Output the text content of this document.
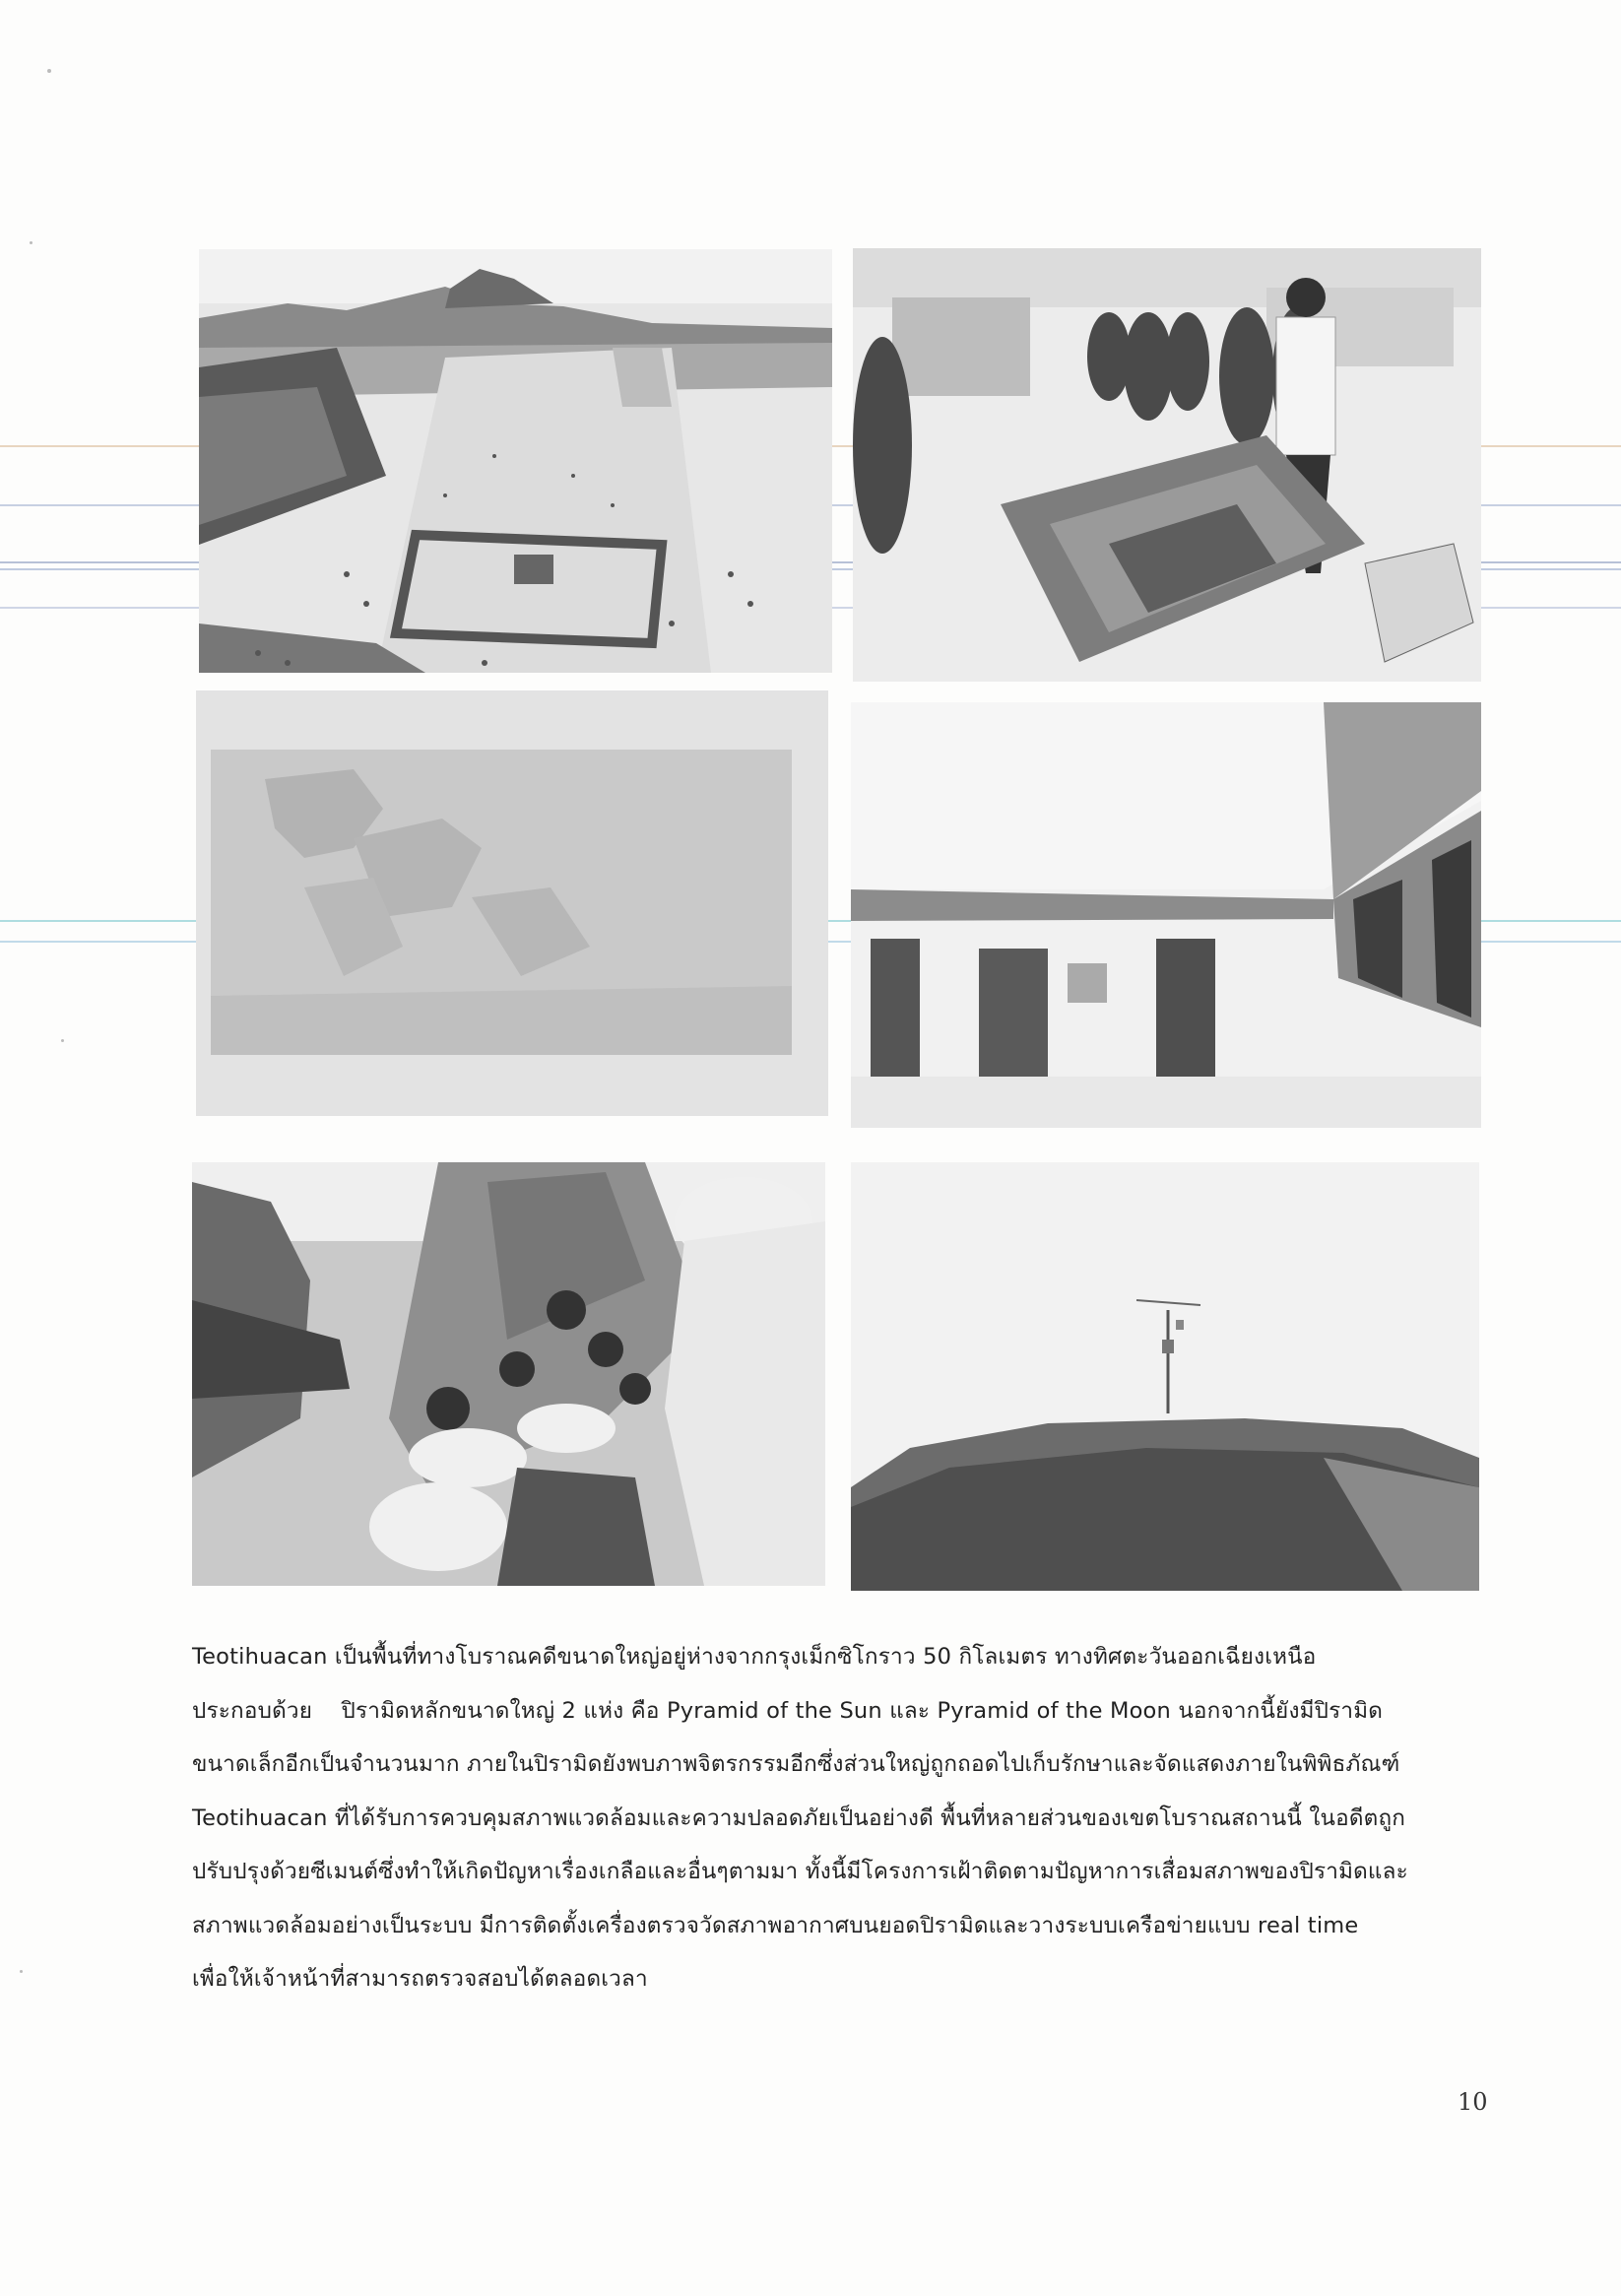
Teotihuacan เป็นพื้นที่ทางโบราณคดีขนาดใหญ่อยู่ห่างจากกรุงเม็กซิโกราว 50 กิโลเมตร ทางทิศตะวันออกเฉียงเหนือ
ประกอบด้วย    ปิรามิดหลักขนาดใหญ่ 2 แห่ง คือ Pyramid of the Sun และ Pyramid of the Moon นอกจากนี้ยังมีปิรามิด
ขนาดเล็กอีกเป็นจำนวนมาก ภายในปิรามิดยังพบภาพจิตรกรรมอีกซึ่งส่วนใหญ่ถูกถอดไปเก็บรักษาและจัดแสดงภายในพิพิธภัณฑ์
Teotihuacan ที่ได้รับการควบคุมสภาพแวดล้อมและความปลอดภัยเป็นอย่างดี พื้นที่หลายส่วนของเขตโบราณสถานนี้ ในอดีตถูก
ปรับปรุงด้วยซีเมนต์ซึ่งทำให้เกิดปัญหาเรื่องเกลือและอื่นๆตามมา ทั้งนี้มีโครงการเฝ้าติดตามปัญหาการเสื่อมสภาพของปิรามิดและ
สภาพแวดล้อมอย่างเป็นระบบ มีการติดตั้งเครื่องตรวจวัดสภาพอากาศบนยอดปิรามิดและวางระบบเครือข่ายแบบ real time
เพื่อให้เจ้าหน้าที่สามารถตรวจสอบได้ตลอดเวลา
10
